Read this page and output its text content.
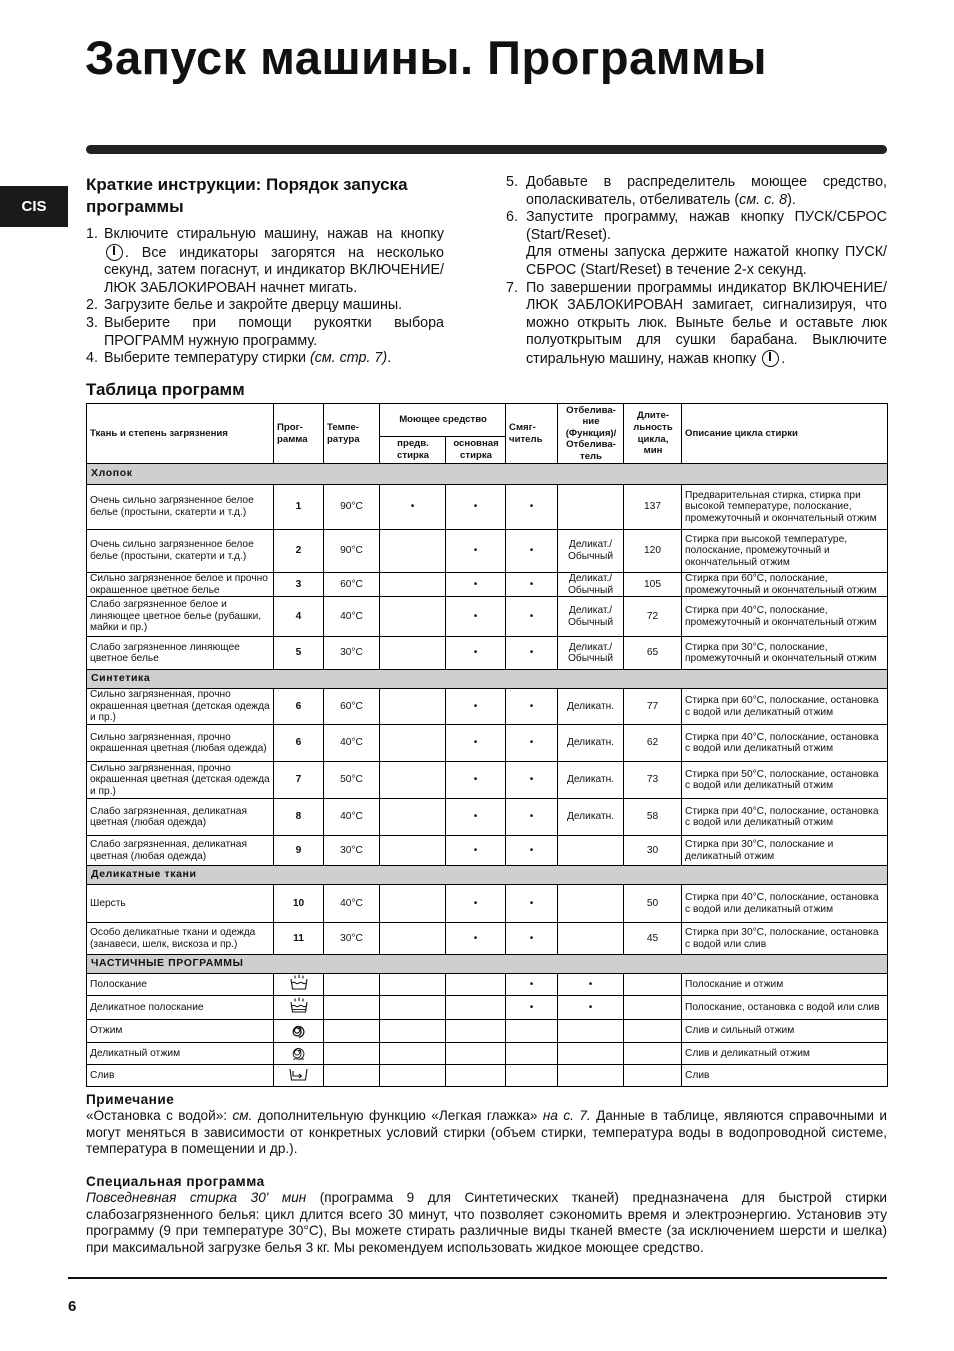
Запуск машины. Программы
CIS
Краткие инструкции: Порядок запуска программы
1. Включите стиральную машину, нажав на кнопку . Все индикаторы загорятся на несколько секунд, затем погаснут, и индикатор ВКЛЮЧЕНИЕ/ЛЮК ЗАБЛОКИРОВАН начнет мигать.
2. Загрузите белье и закройте дверцу машины.
3. Выберите при помощи рукоятки выбора ПРОГРАММ нужную программу.
4. Выберите температуру стирки (см. стр. 7).
5. Добавьте в распределитель моющее средство, ополаскиватель, отбеливатель (см. с. 8).
6. Запустите программу, нажав кнопку ПУСК/СБРОС (Start/Reset).
Для отмены запуска держите нажатой кнопку ПУСК/СБРОС (Start/Reset) в течение 2-х секунд.
7. По завершении программы индикатор ВКЛЮЧЕНИЕ/ЛЮК ЗАБЛОКИРОВАН замигает, сигнализируя, что можно открыть люк. Выньте белье и оставьте люк полуоткрытым для сушки барабана. Выключите стиральную машину, нажав кнопку .
Таблица программ
Ткань и степень загрязнения	Прог-рамма	Темпе-ратура	Моющее средство		Смяг-читель	Отбелива-ние (Функция)/ Отбелива-тель	Длите-льность цикла, мин	Описание цикла стирки
			предв. стирка	основная стирка				
Хлопок								
Очень сильно загрязненное белое белье (простыни, скатерти и т.д.)	1	90°C	•	•	•		137	Предварительная стирка, стирка при высокой температуре, полоскание, промежуточный и окончательный отжим
Очень сильно загрязненное белое белье (простыни, скатерти и т.д.)	2	90°C		•	•	Деликат./ Обычный	120	Стирка при высокой температуре, полоскание, промежуточный и окончательный отжим
Сильно загрязненное белое и прочно окрашенное цветное белье	3	60°C		•	•	Деликат./ Обычный	105	Стирка при 60°C, полоскание, промежуточный и окончательный отжим
Слабо загрязненное белое и линяющее цветное белье (рубашки, майки и пр.)	4	40°C		•	•	Деликат./ Обычный	72	Стирка при 40°C, полоскание, промежуточный и окончательный отжим
Слабо загрязненное линяющее цветное белье	5	30°C		•	•	Деликат./ Обычный	65	Стирка при 30°C, полоскание, промежуточный и окончательный отжим
Синтетика								
Сильно загрязненная, прочно окрашенная цветная (детская одежда и пр.)	6	60°C		•	•	Деликатн.	77	Стирка при 60°C, полоскание, остановка с водой или деликатный отжим
Сильно загрязненная, прочно окрашенная цветная (любая одежда)	6	40°C		•	•	Деликатн.	62	Стирка при 40°C, полоскание, остановка с водой или деликатный отжим
Сильно загрязненная, прочно окрашенная цветная (детская одежда и пр.)	7	50°C		•	•	Деликатн.	73	Стирка при 50°C, полоскание, остановка с водой или деликатный отжим
Слабо загрязненная, деликатная цветная (любая одежда)	8	40°C		•	•	Деликатн.	58	Стирка при 40°C, полоскание, остановка с водой или деликатный отжим
Слабо загрязненная, деликатная цветная (любая одежда)	9	30°C		•	•		30	Стирка при 30°C, полоскание и деликатный отжим
Деликатные ткани								
Шерсть	10	40°C		•	•		50	Стирка при 40°C, полоскание, остановка с водой или деликатный отжим
Особо деликатные ткани и одежда (занавеси, шелк, вискоза и пр.)	11	30°C		•	•		45	Стирка при 30°C, полоскание, остановка с водой или слив
ЧАСТИЧНЫЕ ПРОГРАММЫ								
Полоскание					•	•		Полоскание и отжим
Деликатное полоскание					•	•		Полоскание, остановка с водой или слив
Отжим								Слив и сильный отжим
Деликатный отжим								Слив и деликатный отжим
Слив								Слив
Примечание

«Остановка с водой»: см. дополнительную функцию «Легкая глажка» на с. 7. Данные в таблице, являются справочными и могут меняться в зависимости от конкретных условий стирки (объем стирки, температура воды в водопроводной системе, температура в помещении и др.).

Специальная программа

Повседневная стирка 30' мин (программа 9 для Синтетических тканей) предназначена для быстрой стирки слабозагрязненного белья: цикл длится всего 30 минут, что позволяет сэкономить время и электроэнергию. Установив эту программу (9 при температуре 30°C), Вы можете стирать различные виды тканей вместе (за исключением шерсти и шелка) при максимальной загрузке белья 3 кг. Мы рекомендуем использовать жидкое моющее средство.

6
